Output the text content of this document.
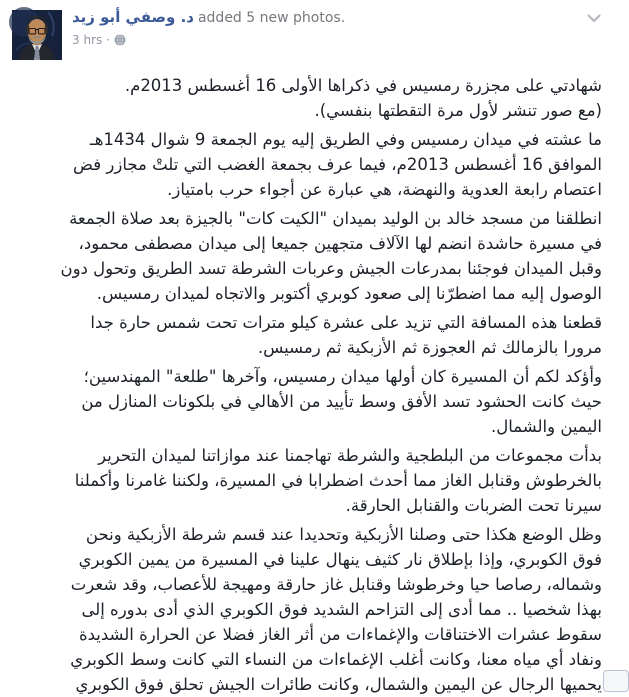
د. وصفي أبو زيد added 5 new photos.
3 hrs ·
شهادتي على مجزرة رمسيس في ذكراها الأولى 16 أغسطس 2013م.
(مع صور تنشر لأول مرة التقطتها بنفسي).
ما عشته في ميدان رمسيس وفي الطريق إليه يوم الجمعة 9 شوال 1434هـ
الموافق 16 أغسطس 2013م، فيما عرف بجمعة الغضب التي تلتْ مجازر فض
اعتصام رابعة العدوية والنهضة، هي عبارة عن أجواء حرب بامتياز.
انطلقنا من مسجد خالد بن الوليد بميدان "الكيت كات" بالجيزة بعد صلاة الجمعة
في مسيرة حاشدة انضم لها الآلاف متجهين جميعا إلى ميدان مصطفى محمود،
وقبل الميدان فوجئنا بمدرعات الجيش وعربات الشرطة تسد الطريق وتحول دون
الوصول إليه مما اضطرّنا إلى صعود كوبري أكتوبر والاتجاه لميدان رمسيس.
قطعنا هذه المسافة التي تزيد على عشرة كيلو مترات تحت شمس حارة جدا
مرورا بالزمالك ثم العجوزة ثم الأزبكية ثم رمسيس.
وأؤكد لكم أن المسيرة كان أولها ميدان رمسيس، وآخرها "طلعة" المهندسين؛
حيث كانت الحشود تسد الأفق وسط تأييد من الأهالي في بلكونات المنازل من
اليمين والشمال.
بدأت مجموعات من البلطجية والشرطة تهاجمنا عند موازاتنا لميدان التحرير
بالخرطوش وقنابل الغاز مما أحدث اضطرابا في المسيرة، ولكننا غامرنا وأكملنا
سيرنا تحت الضربات والقنابل الحارقة.
وظل الوضع هكذا حتى وصلنا الأزبكية وتحديدا عند قسم شرطة الأزبكية ونحن
فوق الكوبري، وإذا بإطلاق نار كثيف ينهال علينا في المسيرة من يمين الكوبري
وشماله، رصاصا حيا وخرطوشا وقنابل غاز حارقة ومهيجة للأعصاب، وقد شعرت
بهذا شخصيا .. مما أدى إلى التزاحم الشديد فوق الكوبري الذي أدى بدوره إلى
سقوط عشرات الاختناقات والإغماءات من أثر الغاز فضلا عن الحرارة الشديدة
ونفاد أي مياه معنا، وكانت أغلب الإغماءات من النساء التي كانت وسط الكوبري
يحميها الرجال عن اليمين والشمال، وكانت طائرات الجيش تحلق فوق الكوبري
